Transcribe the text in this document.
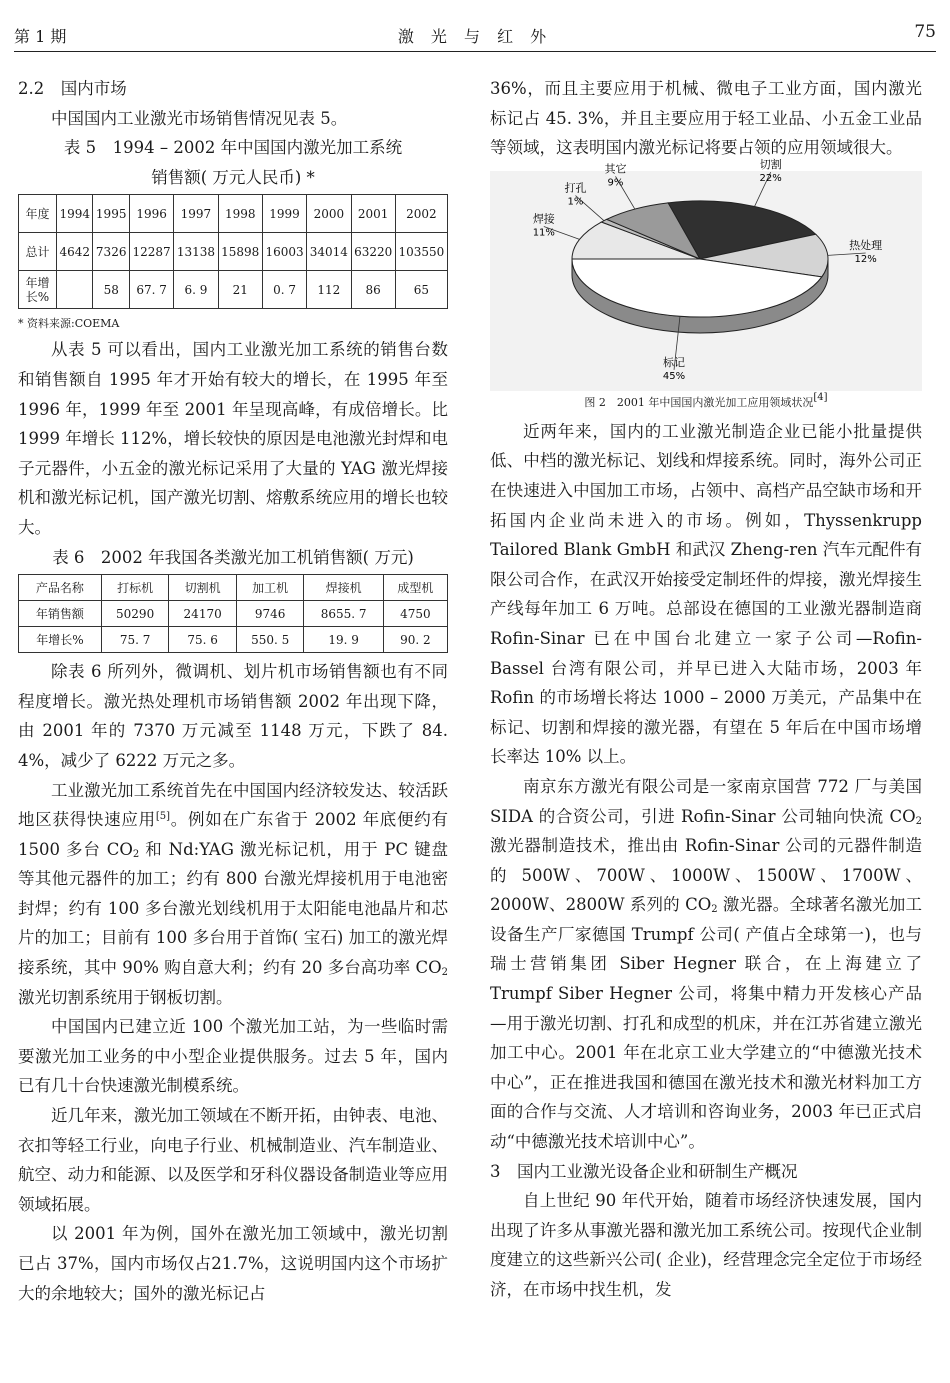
第 1 期	激 光 与 红 外	75

2.2　国内市场

中国国内工业激光市场销售情况见表 5。

表 5　1994 – 2002 年中国国内激光加工系统

销售额( 万元人民币) *

年度	1994	1995	1996	1997	1998	1999	2000	2001	2002
总计	4642	7326	12287	13138	15898	16003	34014	63220	103550
年增长%		58	67. 7	6. 9	21	0. 7	112	86	65

* 资料来源:COEMA

从表 5 可以看出，国内工业激光加工系统的销售台数和销售额自 1995 年才开始有较大的增长，在 1995 年至 1996 年，1999 年至 2001 年呈现高峰，有成倍增长。比 1999 年增长 112%，增长较快的原因是电池激光封焊和电子元器件，小五金的激光标记采用了大量的 YAG 激光焊接机和激光标记机，国产激光切割、熔敷系统应用的增长也较大。

表 6　2002 年我国各类激光加工机销售额( 万元)

产品名称	打标机	切割机	加工机	焊接机	成型机
年销售额	50290	24170	9746	8655. 7	4750
年增长%	75. 7	75. 6	550. 5	19. 9	90. 2

除表 6 所列外，微调机、划片机市场销售额也有不同程度增长。激光热处理机市场销售额 2002 年出现下降，由 2001 年的 7370 万元减至 1148 万元，下跌了 84. 4%，减少了 6222 万元之多。

工业激光加工系统首先在中国国内经济较发达、较活跃地区获得快速应用[5]。例如在广东省于 2002 年底便约有 1500 多台 $CO_2$ 和 Nd:YAG 激光标记机，用于 PC 键盘等其他元器件的加工；约有 800 台激光焊接机用于电池密封焊；约有 100 多台激光划线机用于太阳能电池晶片和芯片的加工；目前有 100 多台用于首饰( 宝石) 加工的激光焊接系统，其中 90% 购自意大利；约有 20 多台高功率 $CO_2$ 激光切割系统用于钢板切割。

中国国内已建立近 100 个激光加工站，为一些临时需要激光加工业务的中小型企业提供服务。过去 5 年，国内已有几十台快速激光制模系统。

近几年来，激光加工领域在不断开拓，由钟表、电池、衣扣等轻工行业，向电子行业、机械制造业、汽车制造业、航空、动力和能源、以及医学和牙科仪器设备制造业等应用领域拓展。

以 2001 年为例，国外在激光加工领域中，激光切割已占 37%，国内市场仅占21.7%，这说明国内这个市场扩大的余地较大；国外的激光标记占

36%，而且主要应用于机械、微电子工业方面，国内激光标记占 45. 3%，并且主要应用于轻工业品、小五金工业品等领域，这表明国内激光标记将要占领的应用领域很大。

焊接
11%
打孔
1%
其它
9%
切割
22%
热处理
12%
标记
45%

图 2　2001 年中国国内激光加工应用领域状况[4]

近两年来，国内的工业激光制造企业已能小批量提供低、中档的激光标记、划线和焊接系统。同时，海外公司正在快速进入中国加工市场，占领中、高档产品空缺市场和开拓国内企业尚未进入的市场。例如，Thyssenkrupp Tailored Blank GmbH 和武汉 Zheng-ren 汽车元配件有限公司合作，在武汉开始接受定制坯件的焊接，激光焊接生产线每年加工 6 万吨。总部设在德国的工业激光器制造商 Rofin-Sinar 已在中国台北建立一家子公司—Rofin-Bassel 台湾有限公司，并早已进入大陆市场，2003 年 Rofin 的市场增长将达 1000 – 2000 万美元，产品集中在标记、切割和焊接的激光器，有望在 5 年后在中国市场增长率达 10% 以上。

南京东方激光有限公司是一家南京国营 772 厂与美国 SIDA 的合资公司，引进 Rofin-Sinar 公司轴向快流 $CO_2$ 激光器制造技术，推出由 Rofin-Sinar 公司的元器件制造的 500W、700W、1000W、1500W、1700W、2000W、2800W 系列的 $CO_2$ 激光器。全球著名激光加工设备生产厂家德国 Trumpf 公司( 产值占全球第一)，也与瑞士营销集团 Siber Hegner 联合，在上海建立了 Trumpf Siber Hegner 公司，将集中精力开发核心产品—用于激光切割、打孔和成型的机床，并在江苏省建立激光加工中心。2001 年在北京工业大学建立的“中德激光技术中心”，正在推进我国和德国在激光技术和激光材料加工方面的合作与交流、人才培训和咨询业务，2003 年已正式启动“中德激光技术培训中心”。

3　国内工业激光设备企业和研制生产概况

自上世纪 90 年代开始，随着市场经济快速发展，国内出现了许多从事激光器和激光加工系统公司。按现代企业制度建立的这些新兴公司( 企业)，经营理念完全定位于市场经济，在市场中找生机，发
